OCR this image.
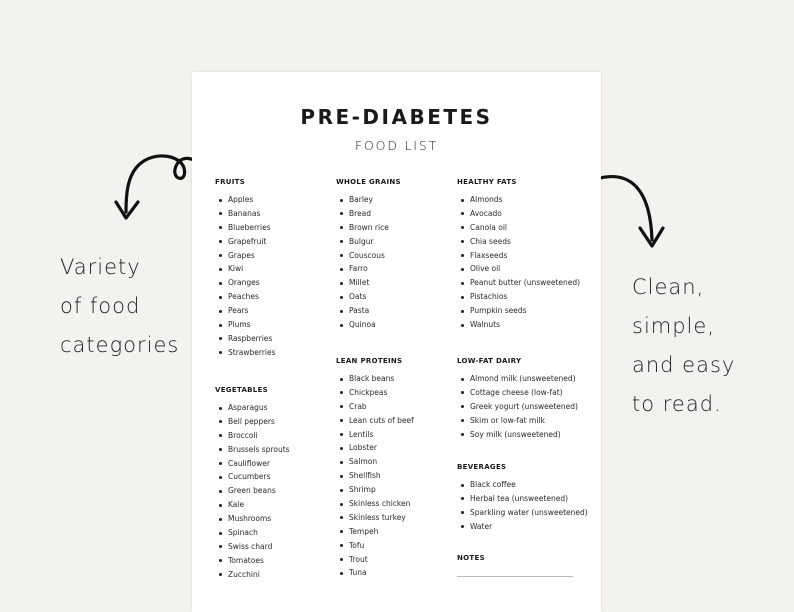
Variety
of food
categories
Clean,
simple,
and easy
to read.
PRE-DIABETES
FOOD LIST
FRUITS
Apples
Bananas
Blueberries
Grapefruit
Grapes
Kiwi
Oranges
Peaches
Pears
Plums
Raspberries
Strawberries
VEGETABLES
Asparagus
Bell peppers
Broccoli
Brussels sprouts
Cauliflower
Cucumbers
Green beans
Kale
Mushrooms
Spinach
Swiss chard
Tomatoes
Zucchini
WHOLE GRAINS
Barley
Bread
Brown rice
Bulgur
Couscous
Farro
Millet
Oats
Pasta
Quinoa
LEAN PROTEINS
Black beans
Chickpeas
Crab
Lean cuts of beef
Lentils
Lobster
Salmon
Shellfish
Shrimp
Skinless chicken
Skinless turkey
Tempeh
Tofu
Trout
Tuna
HEALTHY FATS
Almonds
Avocado
Canola oil
Chia seeds
Flaxseeds
Olive oil
Peanut butter (unsweetened)
Pistachios
Pumpkin seeds
Walnuts
LOW-FAT DAIRY
Almond milk (unsweetened)
Cottage cheese (low-fat)
Greek yogurt (unsweetened)
Skim or low-fat milk
Soy milk (unsweetened)
BEVERAGES
Black coffee
Herbal tea (unsweetened)
Sparkling water (unsweetened)
Water
NOTES
